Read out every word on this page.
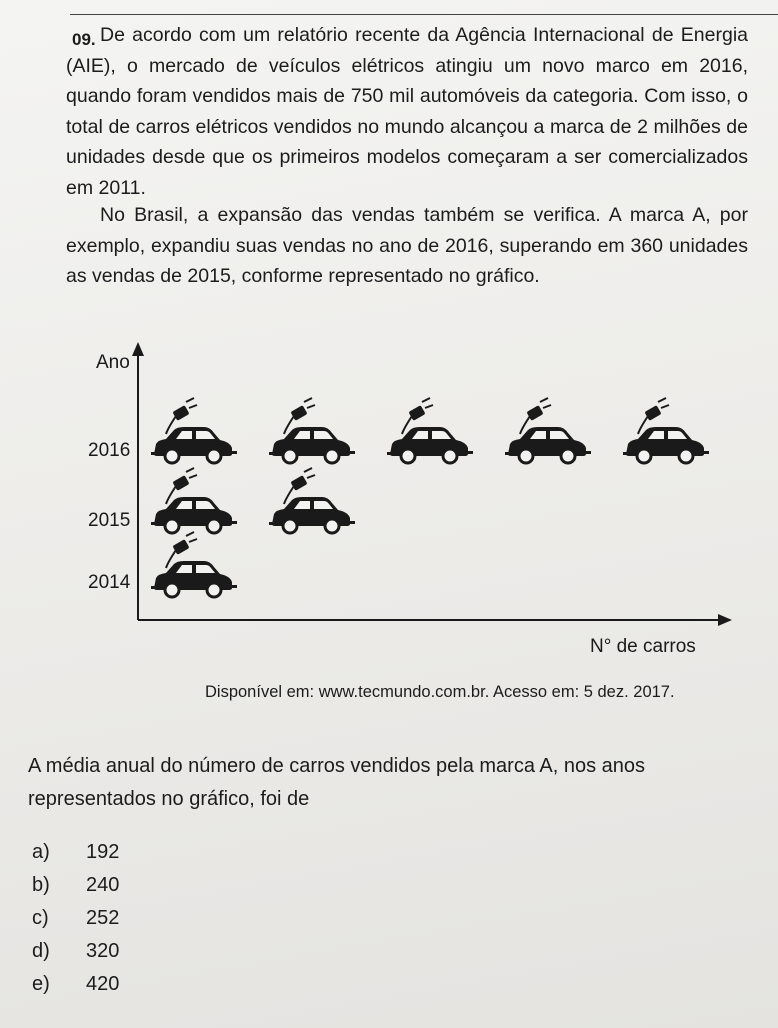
09. De acordo com um relatório recente da Agência Internacional de Energia (AIE), o mercado de veículos elétricos atingiu um novo marco em 2016, quando foram vendidos mais de 750 mil automóveis da categoria. Com isso, o total de carros elétricos vendidos no mundo alcançou a marca de 2 milhões de unidades desde que os primeiros modelos começaram a ser comercializados em 2011.

No Brasil, a expansão das vendas também se verifica. A marca A, por exemplo, expandiu suas vendas no ano de 2016, superando em 360 unidades as vendas de 2015, conforme representado no gráfico.

Ano
N° de carros
2016
2015
2014
Disponível em: www.tecmundo.com.br. Acesso em: 5 dez. 2017.

A média anual do número de carros vendidos pela marca A, nos anos representados no gráfico, foi de

a) 192
b) 240
c) 252
d) 320
e) 420
